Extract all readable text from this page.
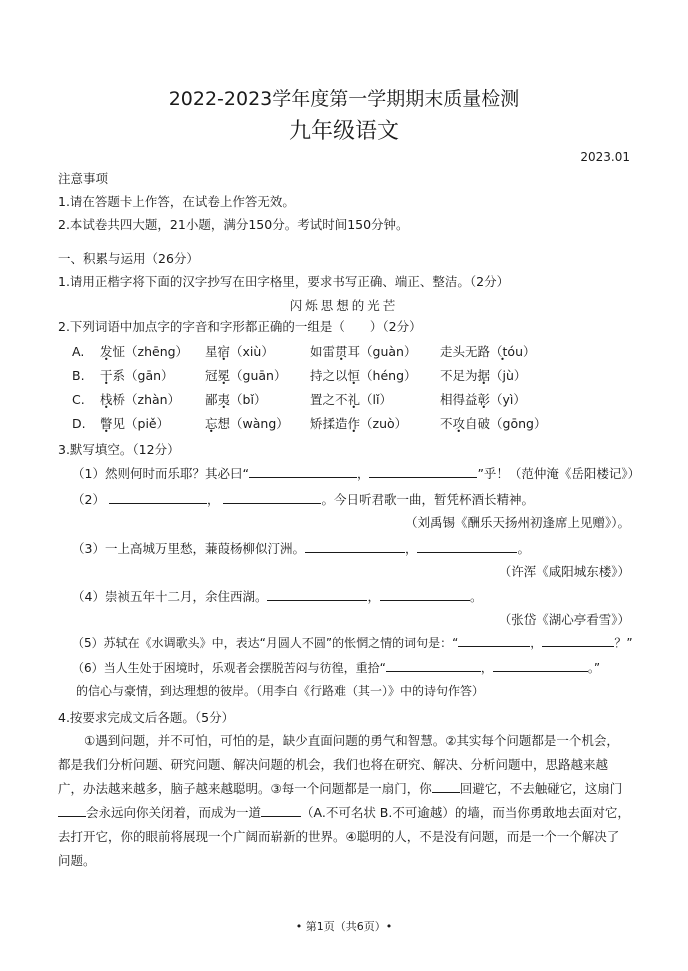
2022-2023学年度第一学期期末质量检测
九年级语文
2023.01
注意事项
1.请在答题卡上作答，在试卷上作答无效。
2.本试卷共四大题，21小题，满分150分。考试时间150分钟。
一、积累与运用（26分）
1.请用正楷字将下面的汉字抄写在田字格里，要求书写正确、端正、整洁。（2分）
闪烁思想的光芒
2.下列词语中加点字的字音和字形都正确的一组是（　　）（2分）
A. 发怔（zhēng） 星宿（xiù）	如雷贯耳（guàn） 走头无路（tóu）
B. 干系（gān）	冠冕（guān） 持之以恒（héng） 不足为据（jù）
C. 栈桥（zhàn） 鄙夷（bǐ）	置之不礼（lǐ）	相得益彰（yì）
D. 瞥见（piě）	忘想（wàng） 矫揉造作（zuò）	不攻自破（gōng）
3.默写填空。（12分）
（1）然则何时而乐耶？其必曰“	，	”乎！（范仲淹《岳阳楼记》）
（2）	，	。今日听君歌一曲，暂凭杯酒长精神。
（刘禹锡《酬乐天扬州初逢席上见赠》）。
（3）一上高城万里愁，蒹葭杨柳似汀洲。	，	。
（许浑《咸阳城东楼》）
（4）崇祯五年十二月，余住西湖。	，	。
（张岱《湖心亭看雪》）
（5）苏轼在《水调歌头》中，表达“月圆人不圆”的怅惘之情的词句是：“	，	？”
（6）当人生处于困境时，乐观者会摆脱苦闷与彷徨，重拾“	，	。”
的信心与豪情，到达理想的彼岸。（用李白《行路难（其一）》中的诗句作答）
4.按要求完成文后各题。（5分）
①遇到问题，并不可怕，可怕的是，缺少直面问题的勇气和智慧。②其实每个问题都是一个机会，都是我们分析问题、研究问题、解决问题的机会，我们也将在研究、解决、分析问题中，思路越来越广，办法越来越多，脑子越来越聪明。③每一个问题都是一扇门，你 回避它，不去触碰它，这扇门会永远向你关闭着，而成为一道	（A.不可名状 B.不可逾越）的墙，而当你勇敢地去面对它，去打开它，你的眼前将展现一个广阔而崭新的世界。④聪明的人，不是没有问题，而是一个一个解决了问题。
• 第1页（共6页）•
